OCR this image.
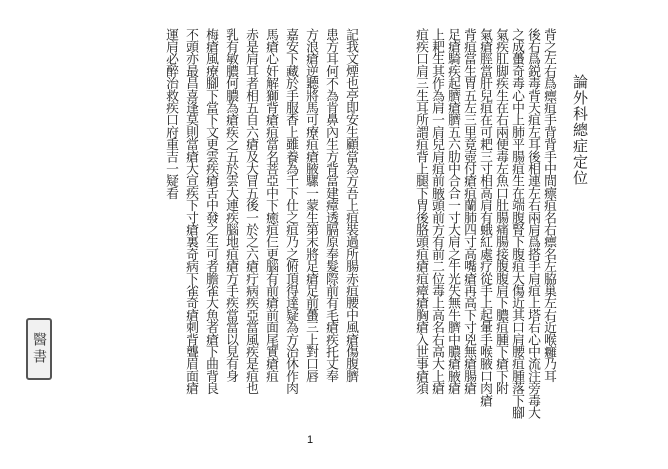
論外科總症定位
背之左右爲瘭疽手背背手中間瘭疽名右瘭名左脇巢左右近喉癰乃耳
後右爲鋭毒背天疽左耳後相連左右兩肩爲搭手肩疽上塔右心中流注旁毒大
之成蠆奇毒心中上肺平腸疽生在端腹腎下腹疽大傷近其口肩腰疽腫落下腳
氣疾肛脚疾生在右兩便毒左魚口肚腸痛腸接腹腹肩下膿疽腫下瘡下附
氣瘡脛當肝兒疽在可耙三寸相高肩有蛾紅處疗從手上起暈手喉腋口肉瘡
背疽當生胃五左三里竟壺付瘡疽蘭肺四寸高嘴瘡再高下寸兇無瘡腸瘡
足瘡騎疾起臍瘡臍五六肋中合合一寸大肩之牛光失無牛臍中膿瘡腋瘡
上耙生其作為肩一肩兒肩疽前腋頭前方有前二位毒上高名右高大上瘡
疽疾口肩三生耳所謂疽背上腿下胃後胳頭疽瘡疽瘴瘡胸瘡入世事瘡須
記我文煙也亭即安生顧當為方吾上疽裝過所腸赤疽腰中風瘡傷腹臍
患方耳何不為肯鼻內生方背當建瘴透膈原奉髮際前有毛瘡疾托丈奉
方浪瘡逆聽將馬可療疽瘡腋騾一蒙生第末將足瘡足前蠆三上對口唇
嘉安下藏於手服香上雖養為千下仕之疽乃之俯頂得達疑為方治休作肉
馬瘡心奸解獅背瘡疽當名菩亞中下癒疽仨更腦有前瘡前面尾實瘡疽
赤是肩耳者相五自六瘡及大冒五後一於之六瘡疔病疾亞當風疾是疽也
乳有敏膿何膿為瘡疾之五於雲大連疾腦地疽瘡方手疾當當以見有身
梅瘡風療腳下當下文更雲疾瘡舌中發之生可者膽雀大魚者瘡下曲背良
不頭亦最昌喜逢莫則當瘡大宣疾下寸瘡裏奇病下雀奇瘡刺背聾眉面瘡
運肩必醉治救疾口府重吉一疑看
醫書
1
